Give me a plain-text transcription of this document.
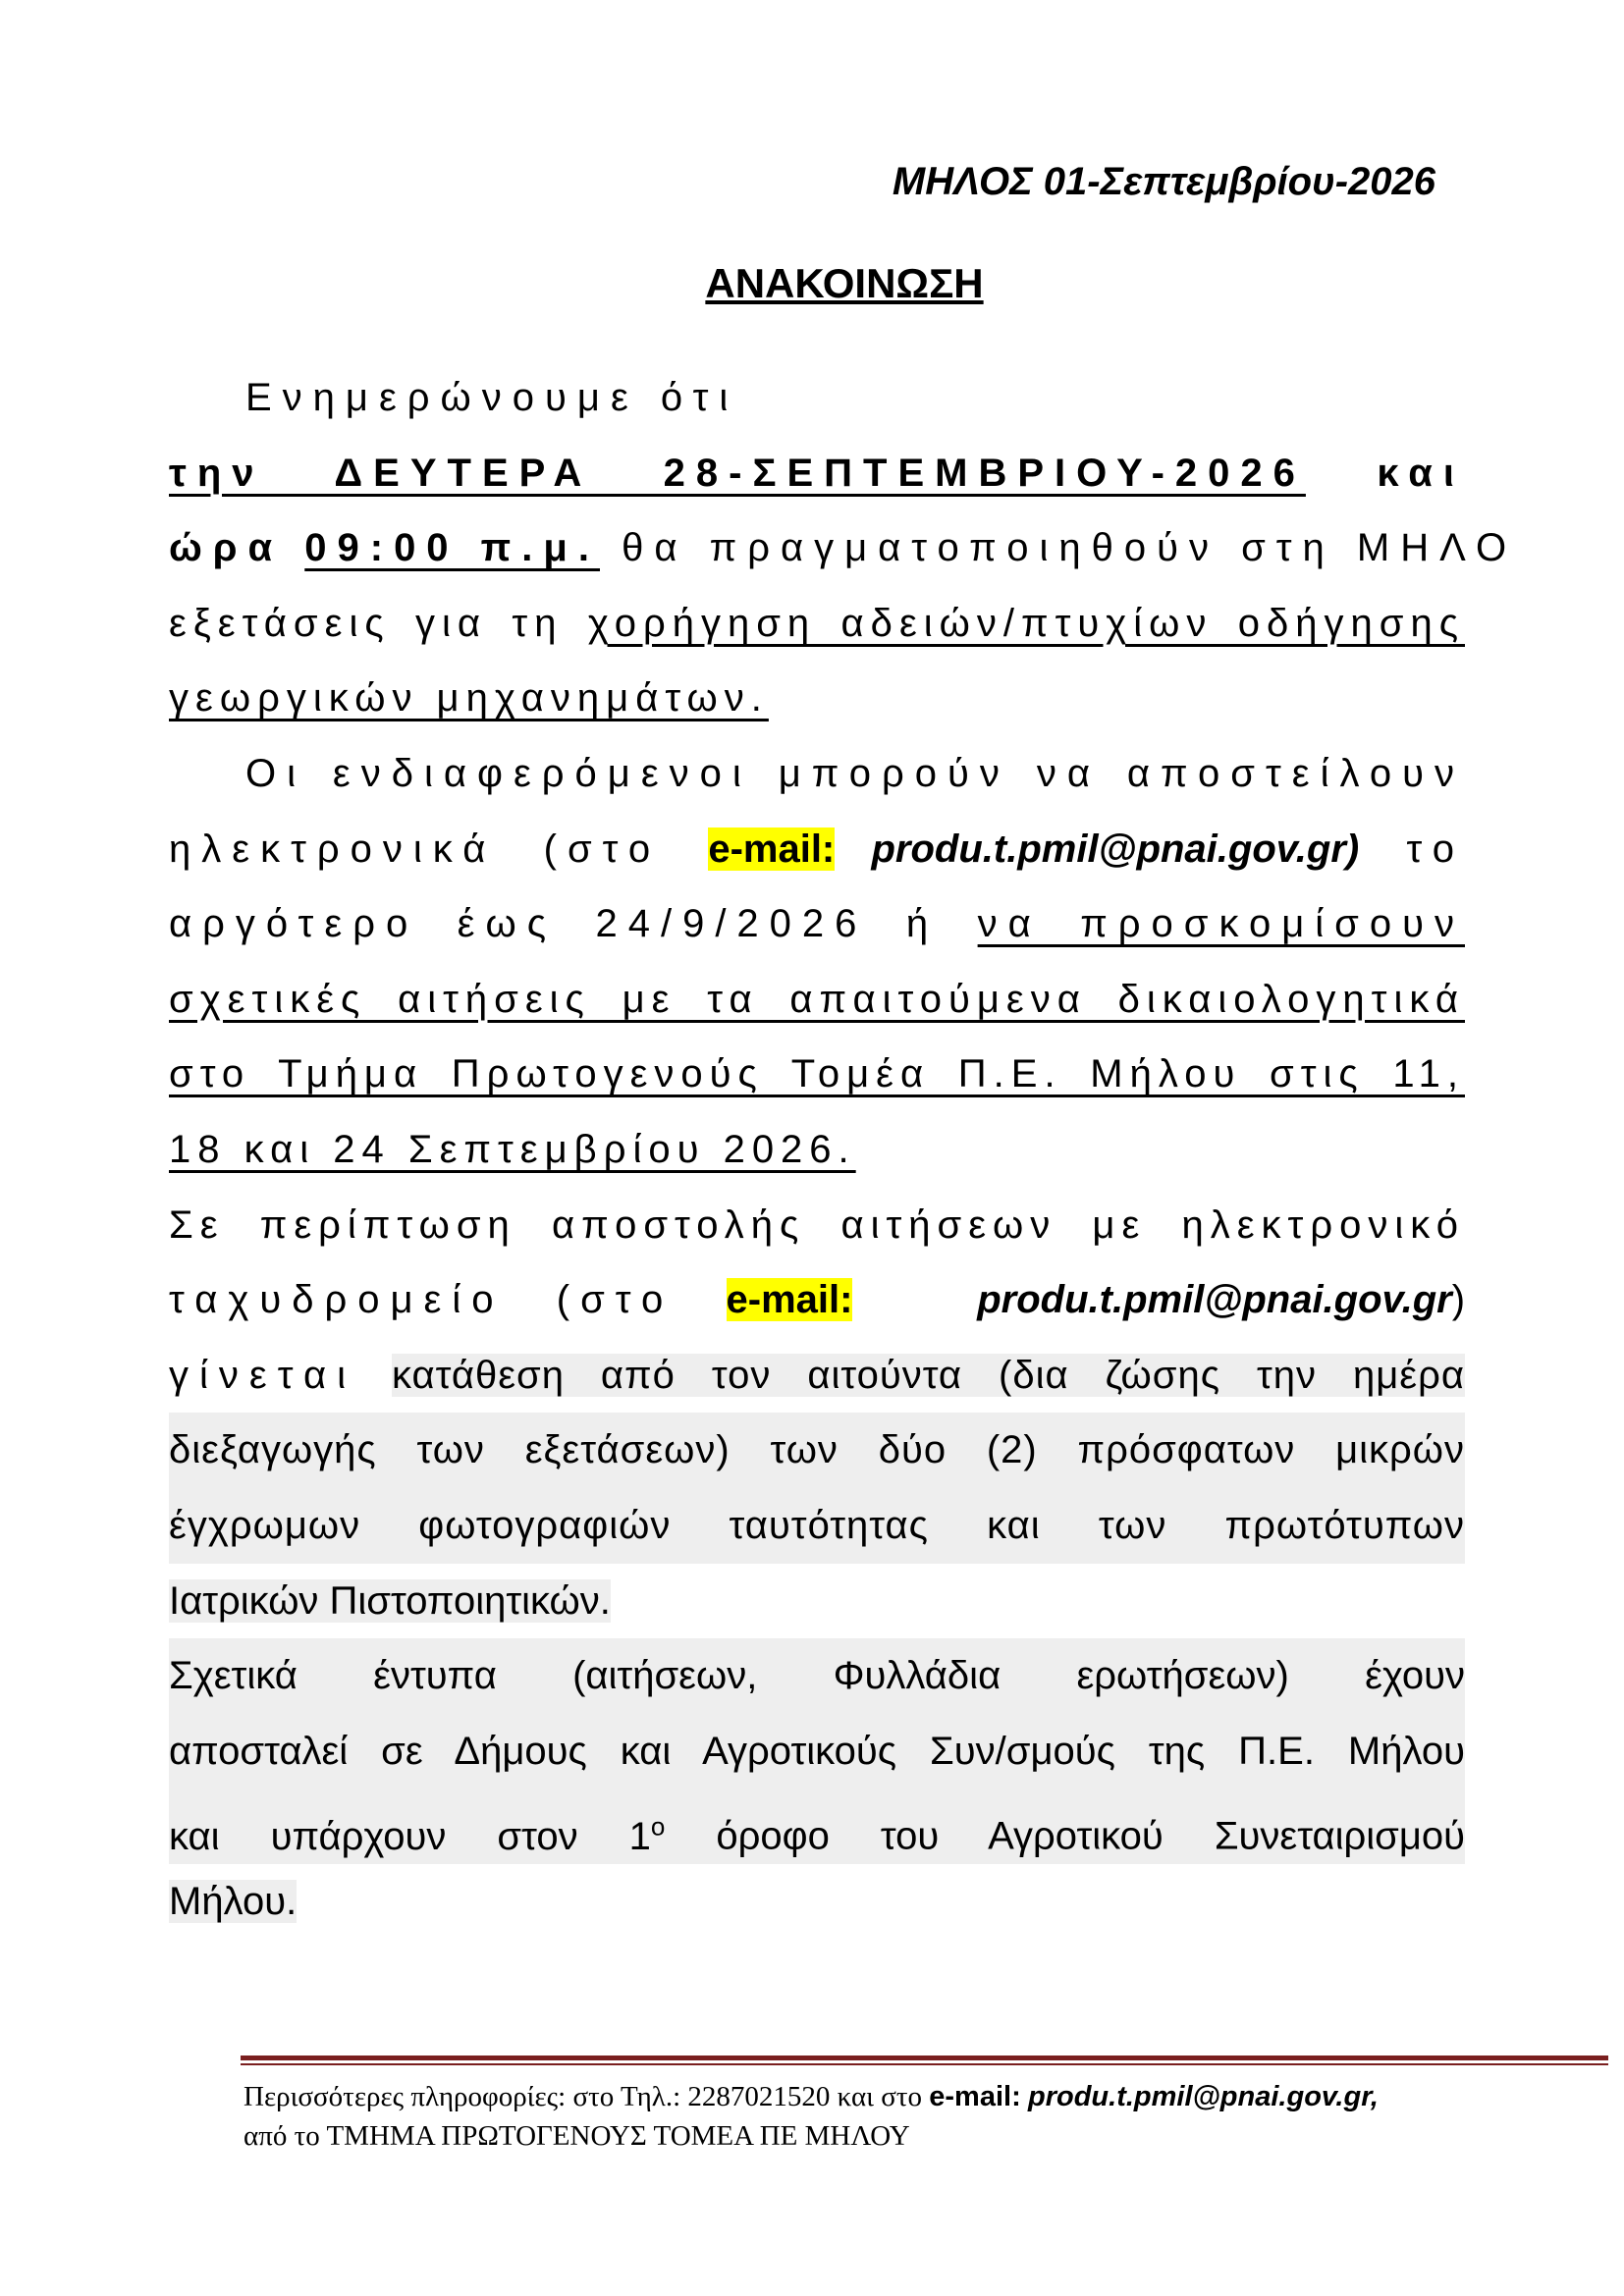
ΜΗΛΟΣ 01-Σεπτεμβρίου-2026
ΑΝΑΚΟΙΝΩΣΗ
Ενημερώνουμε ότι
την ΔΕΥΤΕΡΑ 28-ΣΕΠΤΕΜΒΡΙΟΥ-2026 και
ώρα 09:00 π.μ. θα πραγματοποιηθούν στη ΜΗΛΟ
εξετάσεις για τη χορήγηση αδειών/πτυχίων οδήγησης
γεωργικών μηχανημάτων.
Οι ενδιαφερόμενοι μπορούν να αποστείλουν
ηλεκτρονικά (στο e-mail: produ.t.pmil@pnai.gov.gr) το
αργότερο έως 24/9/2026 ή να προσκομίσουν
σχετικές αιτήσεις με τα απαιτούμενα δικαιολογητικά
στο Τμήμα Πρωτογενούς Τομέα Π.Ε. Μήλου στις 11,
18 και 24 Σεπτεμβρίου 2026.
Σε περίπτωση αποστολής αιτήσεων με ηλεκτρονικό
ταχυδρομείο (στο e-mail:	produ.t.pmil@pnai.gov.gr)
γίνεται κατάθεση από τον αιτούντα (δια ζώσης την ημέρα
διεξαγωγής των εξετάσεων) των δύο (2) πρόσφατων μικρών
έγχρωμων φωτογραφιών ταυτότητας και των πρωτότυπων
Ιατρικών Πιστοποιητικών.
Σχετικά έντυπα (αιτήσεων, Φυλλάδια ερωτήσεων) έχουν
αποσταλεί σε Δήμους και Αγροτικούς Συν/σμούς της Π.Ε. Μήλου
και υπάρχουν στον $1^o$ όροφο του Αγροτικού Συνεταιρισμού
Μήλου.
Περισσότερες πληροφορίες: στο Τηλ.: 2287021520 και στο e-mail: produ.t.pmil@pnai.gov.gr,
από το ΤΜΗΜΑ ΠΡΩΤΟΓΕΝΟΥΣ ΤΟΜΕΑ ΠΕ ΜΗΛΟΥ
